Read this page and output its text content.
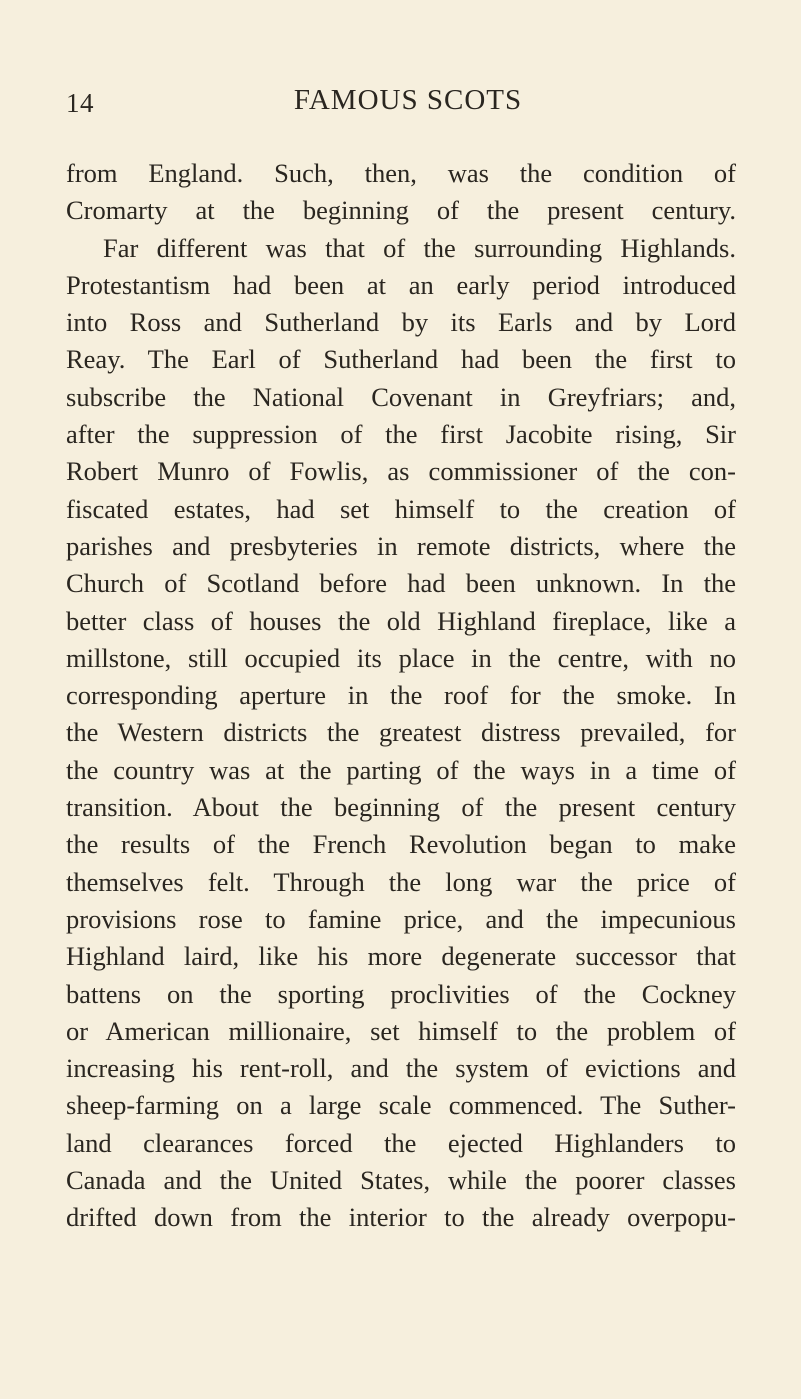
14	FAMOUS SCOTS
from England. Such, then, was the condition of
Cromarty at the beginning of the present century.
Far different was that of the surrounding Highlands.
Protestantism had been at an early period introduced
into Ross and Sutherland by its Earls and by Lord
Reay. The Earl of Sutherland had been the first to
subscribe the National Covenant in Greyfriars; and,
after the suppression of the first Jacobite rising, Sir
Robert Munro of Fowlis, as commissioner of the con-
fiscated estates, had set himself to the creation of
parishes and presbyteries in remote districts, where the
Church of Scotland before had been unknown. In the
better class of houses the old Highland fireplace, like a
millstone, still occupied its place in the centre, with no
corresponding aperture in the roof for the smoke. In
the Western districts the greatest distress prevailed, for
the country was at the parting of the ways in a time of
transition. About the beginning of the present century
the results of the French Revolution began to make
themselves felt. Through the long war the price of
provisions rose to famine price, and the impecunious
Highland laird, like his more degenerate successor that
battens on the sporting proclivities of the Cockney
or American millionaire, set himself to the problem of
increasing his rent-roll, and the system of evictions and
sheep-farming on a large scale commenced. The Suther-
land clearances forced the ejected Highlanders to
Canada and the United States, while the poorer classes
drifted down from the interior to the already overpopu-
